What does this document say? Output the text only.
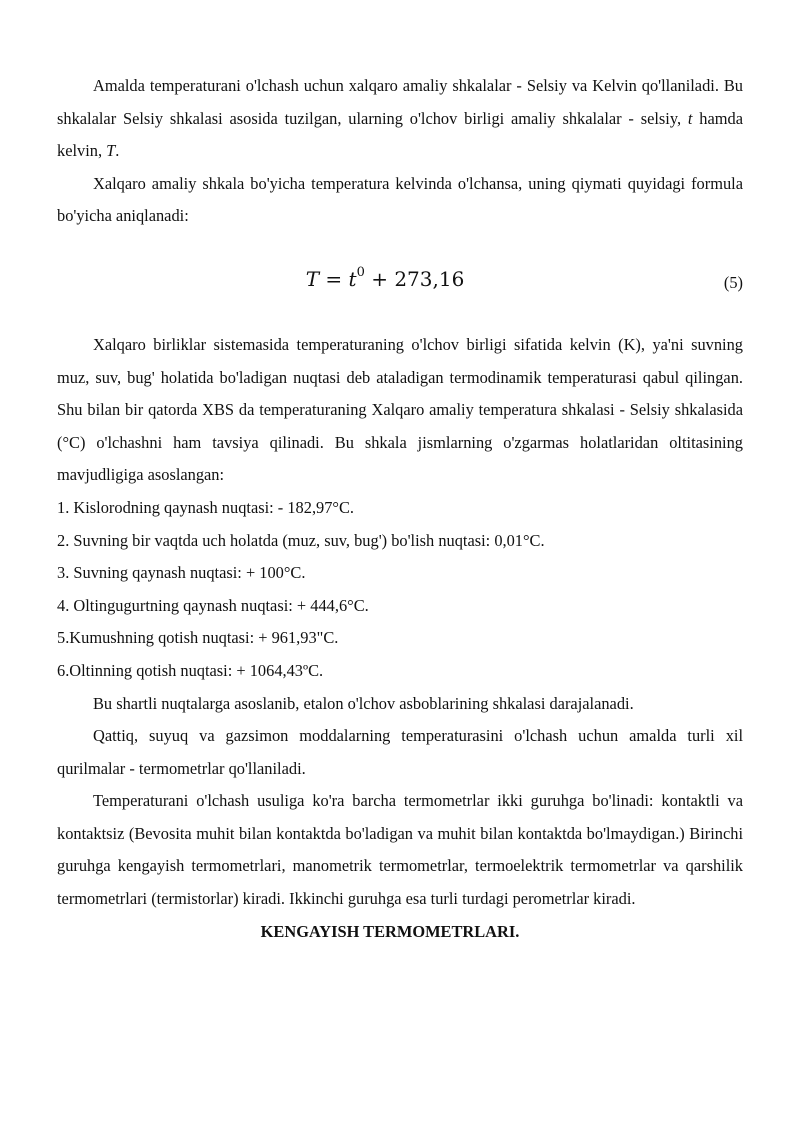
Amalda temperaturani o'lchash uchun xalqaro amaliy shkalalar - Selsiy va Kelvin qo'llaniladi. Bu shkalalar Selsiy shkalasi asosida tuzilgan, ularning o'lchov birligi amaliy shkalalar - selsiy, t hamda kelvin, T.

Xalqaro amaliy shkala bo'yicha temperatura kelvinda o'lchansa, uning qiymati quyidagi formula bo'yicha aniqlanadi:

$T = t^0 + 273,16$	(5)

Xalqaro birliklar sistemasida temperaturaning o'lchov birligi sifatida kelvin (K), ya'ni suvning muz, suv, bug' holatida bo'ladigan nuqtasi deb ataladigan termodinamik temperaturasi qabul qilingan. Shu bilan bir qatorda XBS da temperaturaning Xalqaro amaliy temperatura shkalasi - Selsiy shkalasida (°C) o'lchashni ham tavsiya qilinadi. Bu shkala jismlarning o'zgarmas holatlaridan oltitasining mavjudligiga asoslangan:

1. Kislorodning qaynash nuqtasi: - 182,97°C.

2. Suvning bir vaqtda uch holatda (muz, suv, bug') bo'lish nuqtasi: 0,01°C.

3. Suvning qaynash nuqtasi: + 100°C.

4. Oltingugurtning qaynash nuqtasi: + 444,6°C.

5.Kumushning qotish nuqtasi: + 961,93"C.

6.Oltinning qotish nuqtasi: + 1064,43ºC.

Bu shartli nuqtalarga asoslanib, etalon o'lchov asboblarining shkalasi darajalanadi.

Qattiq, suyuq va gazsimon moddalarning temperaturasini o'lchash uchun amalda turli xil qurilmalar - termometrlar qo'llaniladi.

Temperaturani o'lchash usuliga ko'ra barcha termometrlar ikki guruhga bo'linadi: kontaktli va kontaktsiz (Bevosita muhit bilan kontaktda bo'ladigan va muhit bilan kontaktda bo'lmaydigan.) Birinchi guruhga kengayish termometrlari, manometrik termometrlar, termoelektrik termometrlar va qarshilik termometrlari (termistorlar) kiradi. Ikkinchi guruhga esa turli turdagi perometrlar kiradi.

KENGAYISH TERMOMETRLARI.
